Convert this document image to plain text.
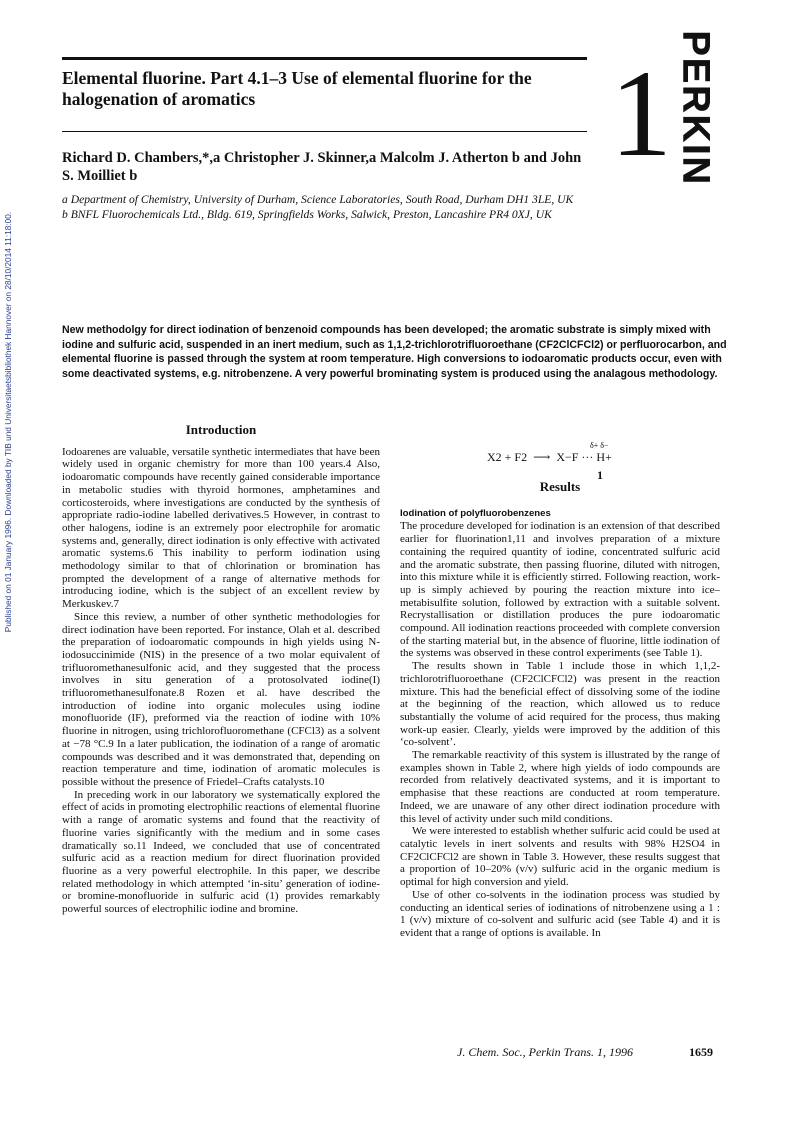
Published on 01 January 1996. Downloaded by TIB und Universitaetsbibliothek Hannover on 28/10/2014 11:18:00.
1 PERKIN
Elemental fluorine. Part 4.1–3 Use of elemental fluorine for the halogenation of aromatics
Richard D. Chambers,*,a Christopher J. Skinner,a Malcolm J. Atherton b and John S. Moilliet b

a Department of Chemistry, University of Durham, Science Laboratories, South Road, Durham DH1 3LE, UK

b BNFL Fluorochemicals Ltd., Bldg. 619, Springfields Works, Salwick, Preston, Lancashire PR4 0XJ, UK

New methodolgy for direct iodination of benzenoid compounds has been developed; the aromatic substrate is simply mixed with iodine and sulfuric acid, suspended in an inert medium, such as 1,1,2-trichlorotrifluoroethane (CF2ClCFCl2) or perfluorocarbon, and elemental fluorine is passed through the system at room temperature. High conversions to iodoaromatic products occur, even with some deactivated systems, e.g. nitrobenzene. A very powerful brominating system is produced using the analagous methodology.
Introduction

Iodoarenes are valuable, versatile synthetic intermediates that have been widely used in organic chemistry for more than 100 years.4 Also, iodoaromatic compounds have recently gained considerable importance in metabolic studies with thyroid hormones, amphetamines and corticosteroids, where investigations are conducted by the synthesis of appropriate radio-iodine labelled derivatives.5 However, in contrast to other halogens, iodine is an extremely poor electrophile for aromatic systems and, generally, direct iodination is only effective with activated aromatic systems.6 This inability to perform iodination using methodology similar to that of chlorination or bromination has prompted the development of a range of alternative methods for introducing iodine, which is the subject of an excellent review by Merkuskev.7

Since this review, a number of other synthetic methodologies for direct iodination have been reported. For instance, Olah et al. described the preparation of iodoaromatic compounds in high yields using N-iodosuccinimide (NIS) in the presence of a two molar equivalent of trifluoromethanesulfonic acid, and they suggested that the process involves in situ generation of a protosolvated iodine(I) trifluoromethanesulfonate.8 Rozen et al. have described the introduction of iodine into organic molecules using iodine monofluoride (IF), preformed via the reaction of iodine with 10% fluorine in nitrogen, using trichlorofluoromethane (CFCl3) as a solvent at −78 °C.9 In a later publication, the iodination of a range of aromatic compounds was described and it was demonstrated that, depending on reaction temperature and time, iodination of aromatic molecules is possible without the presence of Friedel–Crafts catalysts.10

In preceding work in our laboratory we systematically explored the effect of acids in promoting electrophilic reactions of elemental fluorine with a range of aromatic systems and found that the reactivity of fluorine varies significantly with the medium and in some cases dramatically so.11 Indeed, we concluded that use of concentrated sulfuric acid as a reaction medium for direct fluorination provided fluorine as a very powerful electrophile. In this paper, we describe related methodology in which attempted ‘in-situ’ generation of iodine- or bromine-monofluoride in sulfuric acid (1) provides remarkably powerful sources of electrophilic iodine and bromine.

δ+ δ−
X2 + F2 ⟶ X−F ··· H+
1
Results
Iodination of polyfluorobenzenes

The procedure developed for iodination is an extension of that described earlier for fluorination1,11 and involves preparation of a mixture containing the required quantity of iodine, concentrated sulfuric acid and the aromatic substrate, then passing fluorine, diluted with nitrogen, into this mixture while it is efficiently stirred. Following reaction, work-up is simply achieved by pouring the reaction mixture into ice–metabisulfite solution, followed by extraction with a suitable solvent. Recrystallisation or distillation produces the pure iodoaromatic compound. All iodination reactions proceeded with complete conversion of the starting material but, in the absence of fluorine, little iodination of the systems was observed in these control experiments (see Table 1).

The results shown in Table 1 include those in which 1,1,2-trichlorotrifluoroethane (CF2ClCFCl2) was present in the reaction mixture. This had the beneficial effect of dissolving some of the iodine at the beginning of the reaction, which allowed us to reduce substantially the volume of acid required for the process, thus making work-up easier. Clearly, yields were improved by the addition of this ‘co-solvent’.

The remarkable reactivity of this system is illustrated by the range of examples shown in Table 2, where high yields of iodo compounds are recorded from relatively deactivated systems, and it is important to emphasise that these reactions are conducted at room temperature. Indeed, we are unaware of any other direct iodination procedure with this level of activity under such mild conditions.

We were interested to establish whether sulfuric acid could be used at catalytic levels in inert solvents and results with 98% H2SO4 in CF2ClCFCl2 are shown in Table 3. However, these results suggest that a proportion of 10–20% (v/v) sulfuric acid in the organic medium is optimal for high conversion and yield.

Use of other co-solvents in the iodination process was studied by conducting an identical series of iodinations of nitrobenzene using a 1 : 1 (v/v) mixture of co-solvent and sulfuric acid (see Table 4) and it is evident that a range of options is available. In

J. Chem. Soc., Perkin Trans. 1, 1996	1659
